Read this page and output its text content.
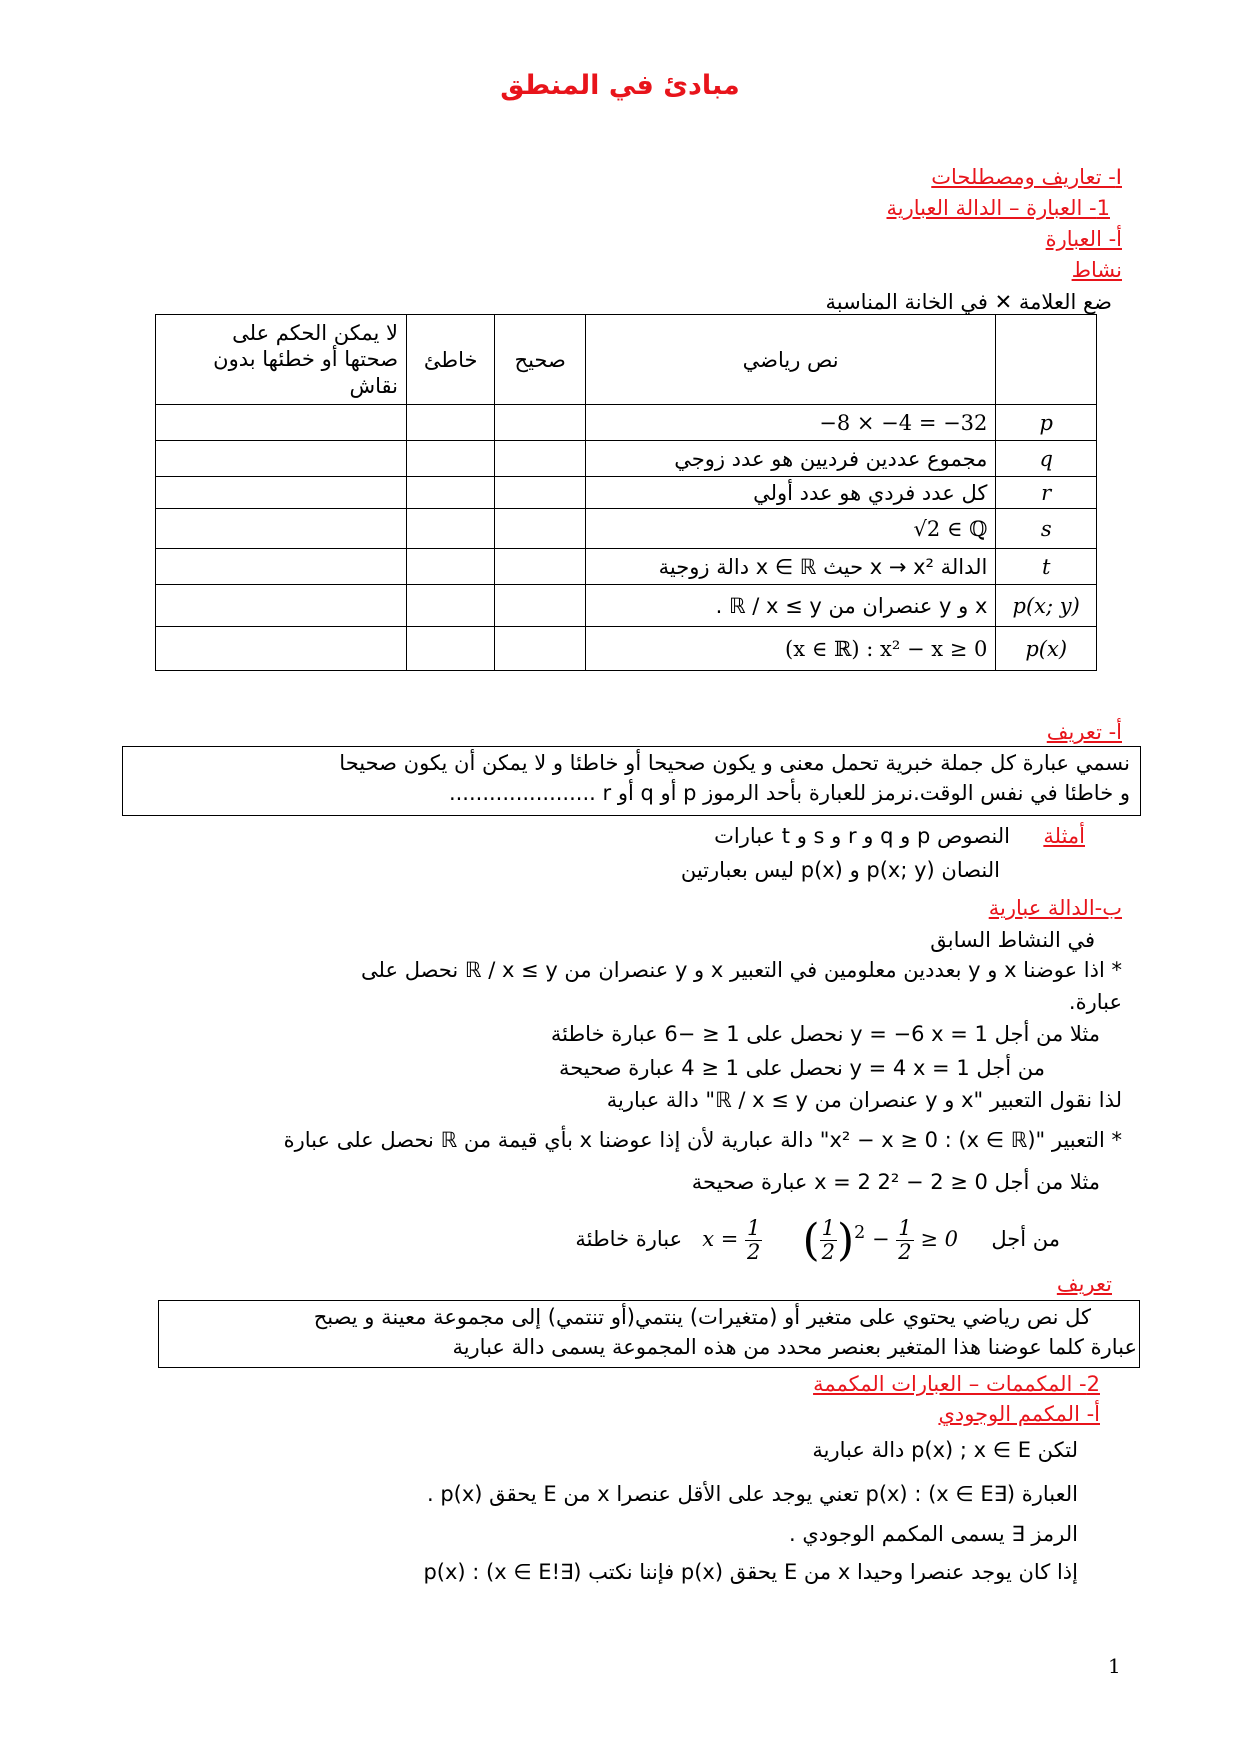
مبادئ في المنطق
I- تعاريف ومصطلحات
1- العبارة – الدالة العبارية
أ- العبارة
نشاط
ضع العلامة ✕ في الخانة المناسبة
	نص رياضي	صحيح	خاطئ	لا يمكن الحكم على
صحتها أو خطئها بدون
نقاش

p	−8 × −4 = −32			
q	مجموع عددين فرديين هو عدد زوجي			
r	كل عدد فردي هو عدد أولي			
s	√2 ∈ ℚ			
t	الدالة x → x² حيث x ∈ ℝ دالة زوجية			
p(x; y)	x و y عنصران من ℝ / x ≤ y .			
p(x)	(x ∈ ℝ) : x² − x ≥ 0			
أ- تعريف
نسمي عبارة كل جملة خبرية تحمل معنى و يكون صحيحا أو خاطئا و لا يمكن أن يكون صحيحا
و خاطئا في نفس الوقت.نرمز للعبارة بأحد الرموز p أو q أو r ......................
أمثلة
النصوص p و q و r و s و t عبارات
النصان p(x; y) و p(x) ليس بعبارتين
ب-الدالة عبارية
في النشاط السابق
* اذا عوضنا x و y بعددين معلومين في التعبير x و y عنصران من ℝ / x ≤ y نحصل على
عبارة.
مثلا من أجل y = −6 x = 1 نحصل على 1 ≤ −6 عبارة خاطئة
من أجل y = 4 x = 1 نحصل على 1 ≤ 4 عبارة صحيحة
لذا نقول التعبير "x و y عنصران من ℝ / x ≤ y" دالة عبارية
* التعبير "(x ∈ ℝ) : x² − x ≥ 0" دالة عبارية لأن إذا عوضنا x بأي قيمة من ℝ نحصل على عبارة
مثلا من أجل x = 2 2² − 2 ≥ 0 عبارة صحيحة
من أجل    $x = \frac{1}{2}$ ( $\frac{1}{2} )^2 - \frac{1}{2} \ge 0$    عبارة خاطئة
تعريف
كل نص رياضي يحتوي على متغير أو (متغيرات) ينتمي(أو تنتمي) إلى مجموعة معينة و يصبح
عبارة كلما عوضنا هذا المتغير بعنصر محدد من هذه المجموعة يسمى دالة عبارية
2- المكممات – العبارات المكممة
أ- المكمم الوجودي
لتكن p(x) ; x ∈ E دالة عبارية
العبارة (∃x ∈ E) : p(x) تعني يوجد على الأقل عنصرا x من E يحقق p(x) .
الرمز ∃ يسمى المكمم الوجودي .
إذا كان يوجد عنصرا وحيدا x من E يحقق p(x) فإننا نكتب (∃!x ∈ E) : p(x)
1
